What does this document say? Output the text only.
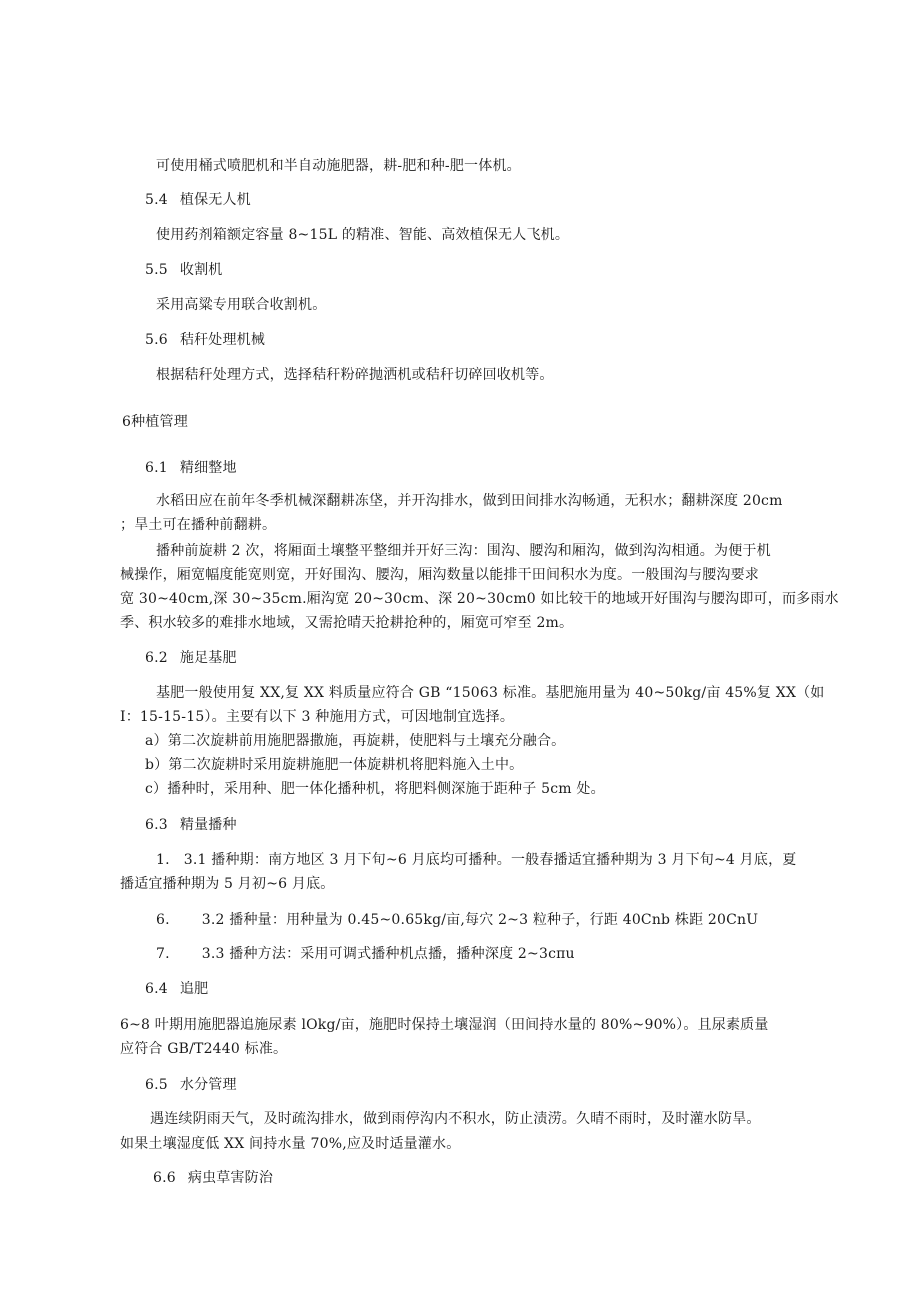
可使用桶式喷肥机和半自动施肥器，耕-肥和种-肥一体机。
5.4 植保无人机
使用药剂箱额定容量 8~15L 的精准、智能、高效植保无人飞机。
5.5 收割机
采用高粱专用联合收割机。
5.6 秸秆处理机械
根据秸秆处理方式，选择秸秆粉碎抛洒机或秸秆切碎回收机等。
6种植管理
6.1 精细整地
水稻田应在前年冬季机械深翻耕冻垡，并开沟排水，做到田间排水沟畅通，无积水；翻耕深度 20cm
；旱土可在播种前翻耕。
播种前旋耕 2 次，将厢面土壤整平整细并开好三沟：围沟、腰沟和厢沟，做到沟沟相通。为便于机
械操作，厢宽幅度能宽则宽，开好围沟、腰沟，厢沟数量以能排干田间积水为度。一般围沟与腰沟要求
宽 30~40cm,深 30~35cm.厢沟宽 20~30cm、深 20~30cm0 如比较干的地域开好围沟与腰沟即可，而多雨水
季、积水较多的难排水地域，又需抢晴天抢耕抢种的，厢宽可窄至 2m。
6.2 施足基肥
基肥一般使用复 XX,复 XX 料质量应符合 GB “15063 标准。基肥施用量为 40~50kg/亩 45%复 XX（如
I：15-15-15）。主要有以下 3 种施用方式，可因地制宜选择。
a）第二次旋耕前用施肥器撒施，再旋耕，使肥料与土壤充分融合。
b）第二次旋耕时采用旋耕施肥一体旋耕机将肥料施入土中。
c）播种时，采用种、肥一体化播种机，将肥料侧深施于距种子 5cm 处。
6.3 精量播种
1. 3.1 播种期：南方地区 3 月下旬~6 月底均可播种。一般春播适宜播种期为 3 月下旬~4 月底，夏
播适宜播种期为 5 月初~6 月底。
6. 3.2 播种量：用种量为 0.45~0.65kg/亩,每穴 2~3 粒种子，行距 40Cnb 株距 20CnU
7. 3.3 播种方法：采用可调式播种机点播，播种深度 2~3cπu
6.4 追肥
6~8 叶期用施肥器追施尿素 lOkg/亩，施肥时保持土壤湿润（田间持水量的 80%~90%）。且尿素质量
应符合 GB/T2440 标准。
6.5 水分管理
遇连续阴雨天气，及时疏沟排水，做到雨停沟内不积水，防止渍涝。久晴不雨时，及时灌水防旱。
如果土壤湿度低 XX 间持水量 70%,应及时适量灌水。
6.6 病虫草害防治
